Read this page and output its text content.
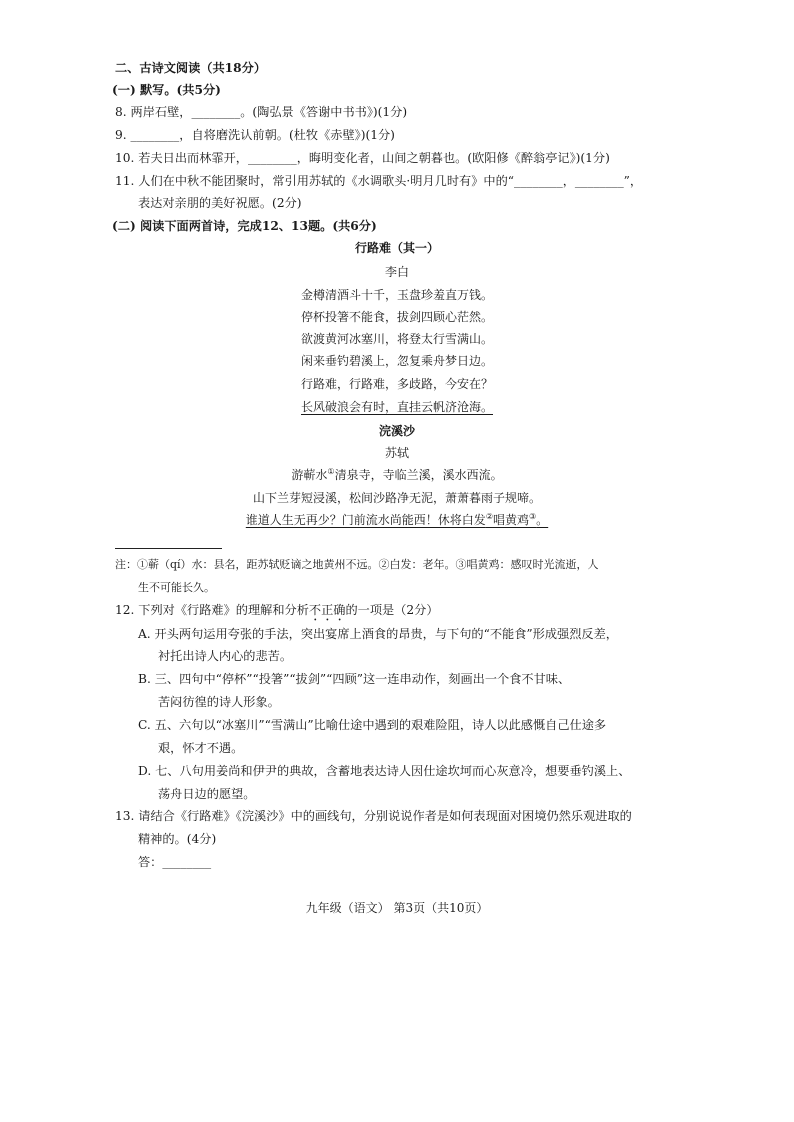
二、古诗文阅读（共18分）
(一) 默写。(共5分)
8. 两岸石壁，________。(陶弘景《答谢中书书》)(1分)
9. ________，自将磨洗认前朝。(杜牧《赤壁》)(1分)
10. 若夫日出而林霏开，________，晦明变化者，山间之朝暮也。(欧阳修《醉翁亭记》)(1分)
11. 人们在中秋不能团聚时，常引用苏轼的《水调歌头·明月几时有》中的“________，________”，
表达对亲朋的美好祝愿。(2分)
(二) 阅读下面两首诗，完成12、13题。(共6分)
行路难（其一）
李白
金樽清酒斗十千，玉盘珍羞直万钱。
停杯投箸不能食，拔剑四顾心茫然。
欲渡黄河冰塞川，将登太行雪满山。
闲来垂钓碧溪上，忽复乘舟梦日边。
行路难，行路难，多歧路，今安在？
长风破浪会有时，直挂云帆济沧海。
浣溪沙
苏轼
游蕲水①清泉寺，寺临兰溪，溪水西流。
山下兰芽短浸溪，松间沙路净无泥，萧萧暮雨子规啼。
谁道人生无再少？门前流水尚能西！休将白发②唱黄鸡③。
注：①蕲（qí）水：县名，距苏轼贬谪之地黄州不远。②白发：老年。③唱黄鸡：感叹时光流逝，人
生不可能长久。
12. 下列对《行路难》的理解和分析不正确的一项是（2分）
A. 开头两句运用夸张的手法，突出宴席上酒食的昂贵，与下句的“不能食”形成强烈反差，
衬托出诗人内心的悲苦。
B. 三、四句中“停杯”“投箸”“拔剑”“四顾”这一连串动作，刻画出一个食不甘味、
苦闷彷徨的诗人形象。
C. 五、六句以“冰塞川”“雪满山”比喻仕途中遇到的艰难险阻，诗人以此感慨自己仕途多
艰，怀才不遇。
D. 七、八句用姜尚和伊尹的典故，含蓄地表达诗人因仕途坎坷而心灰意冷，想要垂钓溪上、
荡舟日边的愿望。
13. 请结合《行路难》《浣溪沙》中的画线句，分别说说作者是如何表现面对困境仍然乐观进取的
精神的。(4分)
答：________
九年级（语文） 第3页（共10页）
